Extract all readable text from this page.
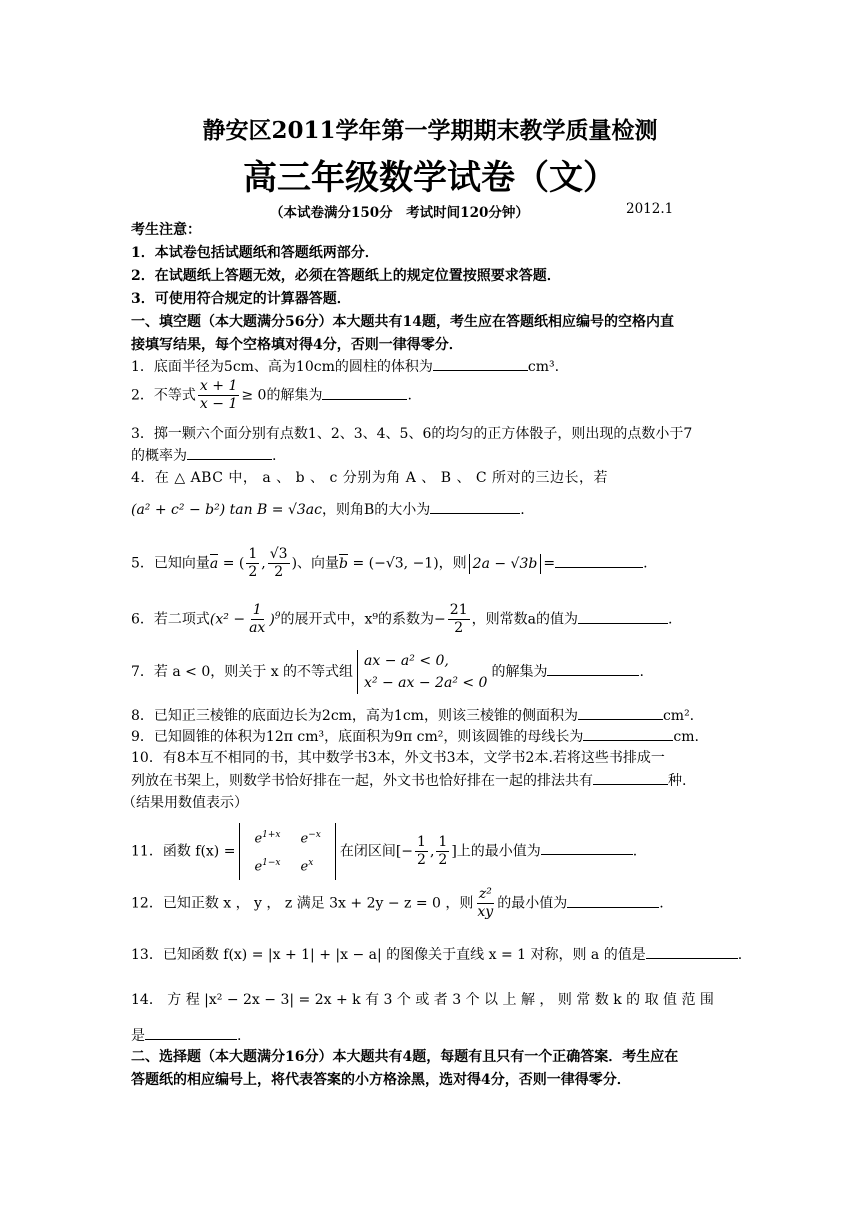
静安区2011学年第一学期期末教学质量检测
高三年级数学试卷（文）
（本试卷满分150分　考试时间120分钟）	2012.1
考生注意：
1．本试卷包括试题纸和答题纸两部分．
2．在试题纸上答题无效，必须在答题纸上的规定位置按照要求答题．
3．可使用符合规定的计算器答题．
一、填空题（本大题满分56分）本大题共有14题，考生应在答题纸相应编号的空格内直
接填写结果，每个空格填对得4分，否则一律得零分．
1．底面半径为5cm、高为10cm的圆柱的体积为	cm³.
2．不等式 $\frac{x + 1}{x - 1} \ge 0$的解集为	.
3．掷一颗六个面分别有点数1、2、3、4、5、6的均匀的正方体骰子，则出现的点数小于7
的概率为	.
4．在 △ ABC 中， a 、 b 、 c 分别为角 A 、 B 、 C 所对的三边长，若
(a² + c² − b²) tan B = √3ac，则角B的大小为	.
5．已知向量a = ( $\frac{1}{2}$ , $\frac{√3}{2}$ )、向量b = (−√3, −1)，则 2a − √3b =	.
6．若二项式$(x^2 - \frac{1}{ax} )^9$的展开式中，x⁹的系数为− $\frac{21}{2}$ ，则常数a的值为	.
7．若 a < 0，则关于 x 的不等式组ax − a² < 0,
x² − ax − 2a² < 0的解集为	.
8．已知正三棱锥的底面边长为2cm，高为1cm，则该三棱锥的侧面积为	cm².
9．已知圆锥的体积为12π cm³，底面积为9π cm²，则该圆锥的母线长为	cm.
10．有8本互不相同的书，其中数学书3本，外文书3本，文学书2本.若将这些书排成一
列放在书架上，则数学书恰好排在一起，外文书也恰好排在一起的排法共有	种.
（结果用数值表示）
11．函数 $f(x) =e^{1+x}$	$e^{-x}$
$e^{1-x}$	$e^x$在闭区间[− $\frac{1}{2}$ , $\frac{1}{2}$ ]上的最小值为	.
12．已知正数 x ， y ， z 满足 3x + 2y − z = 0 ，则 $\frac{\text{z²}}{xy}$ 的最小值为	.
13．已知函数 f(x) = |x + 1| + |x − a| 的图像关于直线 x = 1 对称，则 a 的值是	.
14． 方 程 |x² − 2x − 3| = 2x + k 有 3 个 或 者 3 个 以 上 解 ， 则 常 数 k 的 取 值 范 围
是	.
二、选择题（本大题满分16分）本大题共有4题，每题有且只有一个正确答案．考生应在
答题纸的相应编号上，将代表答案的小方格涂黑，选对得4分，否则一律得零分．
